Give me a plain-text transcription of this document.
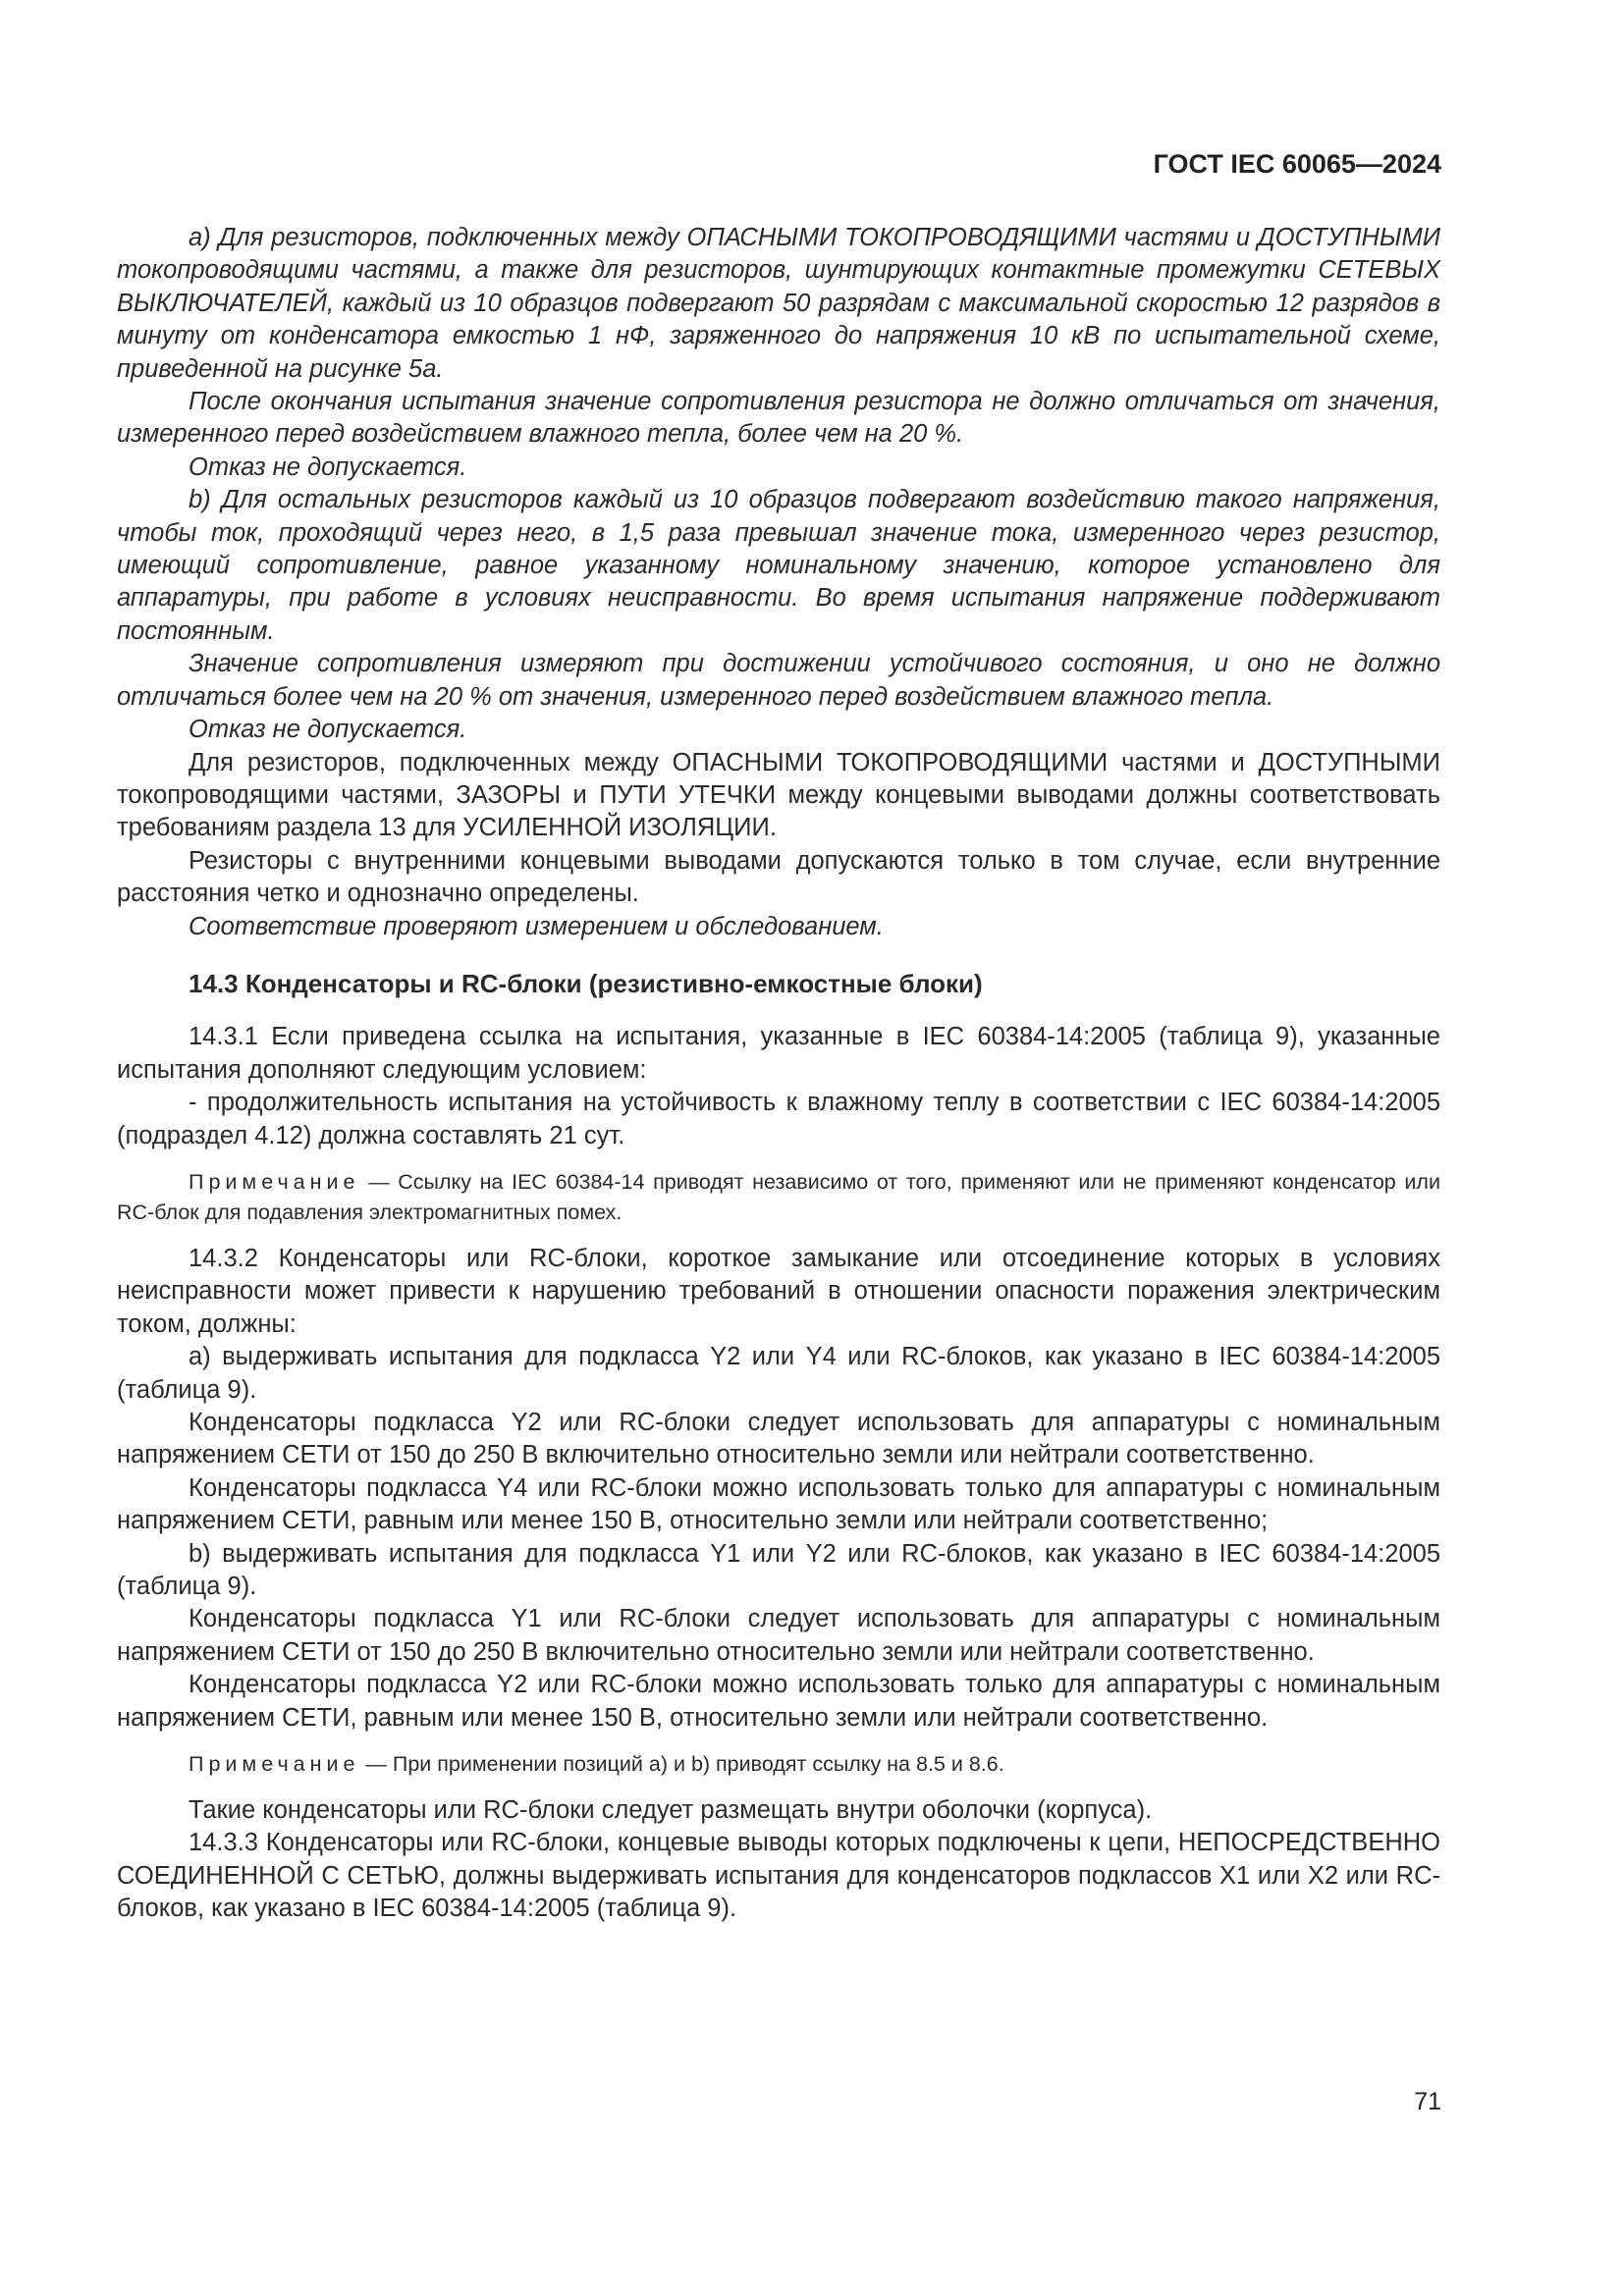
ГОСТ IEC 60065—2024

a) Для резисторов, подключенных между ОПАСНЫМИ ТОКОПРОВОДЯЩИМИ частями и ДОСТУПНЫМИ токопроводящими частями, а также для резисторов, шунтирующих контактные промежутки СЕТЕВЫХ ВЫКЛЮЧАТЕЛЕЙ, каждый из 10 образцов подвергают 50 разрядам с максимальной скоростью 12 разрядов в минуту от конденсатора емкостью 1 нФ, заряженного до напряжения 10 кВ по испытательной схеме, приведенной на рисунке 5а.

После окончания испытания значение сопротивления резистора не должно отличаться от значения, измеренного перед воздействием влажного тепла, более чем на 20 %.

Отказ не допускается.

b) Для остальных резисторов каждый из 10 образцов подвергают воздействию такого напряжения, чтобы ток, проходящий через него, в 1,5 раза превышал значение тока, измеренного через резистор, имеющий сопротивление, равное указанному номинальному значению, которое установлено для аппаратуры, при работе в условиях неисправности. Во время испытания напряжение поддерживают постоянным.

Значение сопротивления измеряют при достижении устойчивого состояния, и оно не должно отличаться более чем на 20 % от значения, измеренного перед воздействием влажного тепла.

Отказ не допускается.

Для резисторов, подключенных между ОПАСНЫМИ ТОКОПРОВОДЯЩИМИ частями и ДОСТУПНЫМИ токопроводящими частями, ЗАЗОРЫ и ПУТИ УТЕЧКИ между концевыми выводами должны соответствовать требованиям раздела 13 для УСИЛЕННОЙ ИЗОЛЯЦИИ.

Резисторы с внутренними концевыми выводами допускаются только в том случае, если внутренние расстояния четко и однозначно определены.

Соответствие проверяют измерением и обследованием.

14.3 Конденсаторы и RC-блоки (резистивно-емкостные блоки)

14.3.1 Если приведена ссылка на испытания, указанные в IEC 60384-14:2005 (таблица 9), указанные испытания дополняют следующим условием:

- продолжительность испытания на устойчивость к влажному теплу в соответствии с IEC 60384-14:2005 (подраздел 4.12) должна составлять 21 сут.

Примечание — Ссылку на IEC 60384-14 приводят независимо от того, применяют или не применяют конденсатор или RC-блок для подавления электромагнитных помех.

14.3.2 Конденсаторы или RC-блоки, короткое замыкание или отсоединение которых в условиях неисправности может привести к нарушению требований в отношении опасности поражения электрическим током, должны:

a) выдерживать испытания для подкласса Y2 или Y4 или RC-блоков, как указано в IEC 60384-14:2005 (таблица 9).

Конденсаторы подкласса Y2 или RC-блоки следует использовать для аппаратуры с номинальным напряжением СЕТИ от 150 до 250 В включительно относительно земли или нейтрали соответственно.

Конденсаторы подкласса Y4 или RC-блоки можно использовать только для аппаратуры с номинальным напряжением СЕТИ, равным или менее 150 В, относительно земли или нейтрали соответственно;

b) выдерживать испытания для подкласса Y1 или Y2 или RC-блоков, как указано в IEC 60384-14:2005 (таблица 9).

Конденсаторы подкласса Y1 или RC-блоки следует использовать для аппаратуры с номинальным напряжением СЕТИ от 150 до 250 В включительно относительно земли или нейтрали соответственно.

Конденсаторы подкласса Y2 или RC-блоки можно использовать только для аппаратуры с номинальным напряжением СЕТИ, равным или менее 150 В, относительно земли или нейтрали соответственно.

Примечание — При применении позиций a) и b) приводят ссылку на 8.5 и 8.6.

Такие конденсаторы или RC-блоки следует размещать внутри оболочки (корпуса).

14.3.3 Конденсаторы или RC-блоки, концевые выводы которых подключены к цепи, НЕПОСРЕДСТВЕННО СОЕДИНЕННОЙ С СЕТЬЮ, должны выдерживать испытания для конденсаторов подклассов X1 или X2 или RC-блоков, как указано в IEC 60384-14:2005 (таблица 9).

71
